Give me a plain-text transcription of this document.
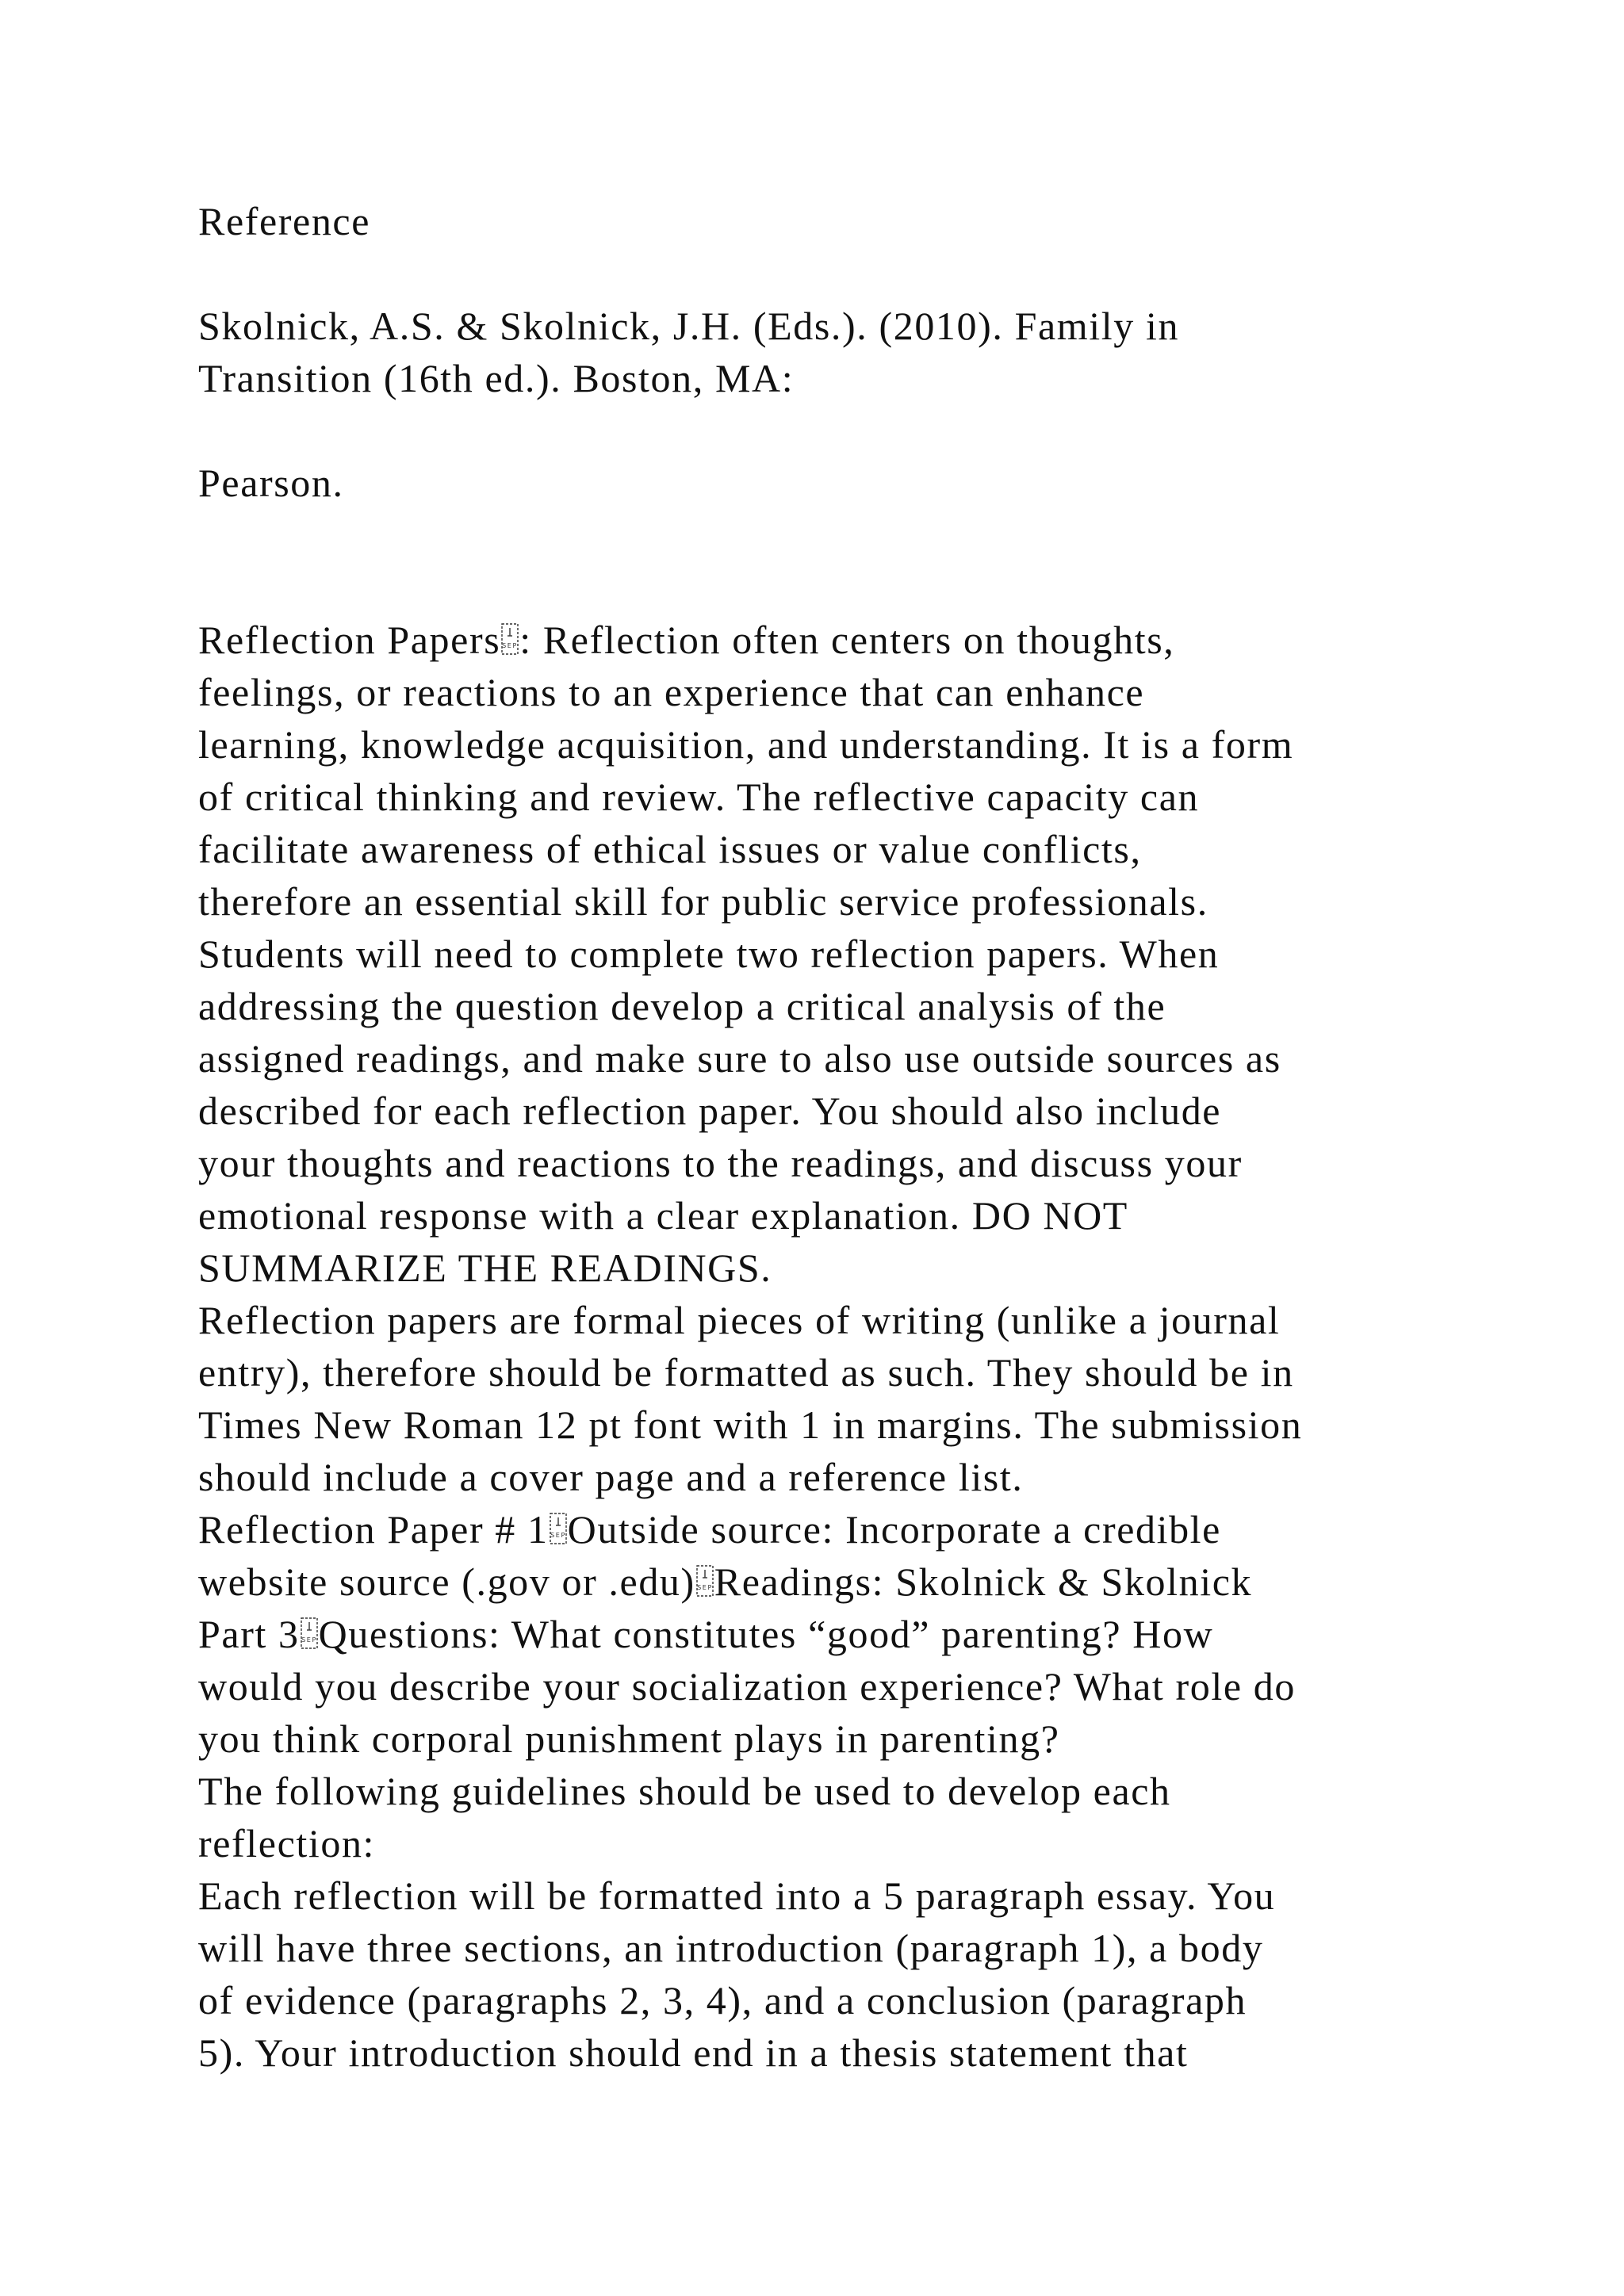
Reference
Skolnick, A.S. & Skolnick, J.H. (Eds.). (2010). Family in
Transition (16th ed.). Boston, MA:
Pearson.
Reflection Papers SEP : Reflection often centers on thoughts,
feelings, or reactions to an experience that can enhance
learning, knowledge acquisition, and understanding. It is a form
of critical thinking and review. The reflective capacity can
facilitate awareness of ethical issues or value conflicts,
therefore an essential skill for public service professionals.
Students will need to complete two reflection papers. When
addressing the question develop a critical analysis of the
assigned readings, and make sure to also use outside sources as
described for each reflection paper. You should also include
your thoughts and reactions to the readings, and discuss your
emotional response with a clear explanation. DO NOT
SUMMARIZE THE READINGS.
Reflection papers are formal pieces of writing (unlike a journal
entry), therefore should be formatted as such. They should be in
Times New Roman 12 pt font with 1 in margins. The submission
should include a cover page and a reference list.
Reflection Paper # 1 SEP Outside source: Incorporate a credible
website source (.gov or .edu) SEP Readings: Skolnick & Skolnick
Part 3 SEP Questions: What constitutes “good” parenting? How
would you describe your socialization experience? What role do
you think corporal punishment plays in parenting?
The following guidelines should be used to develop each
reflection:
Each reflection will be formatted into a 5 paragraph essay. You
will have three sections, an introduction (paragraph 1), a body
of evidence (paragraphs 2, 3, 4), and a conclusion (paragraph
5). Your introduction should end in a thesis statement that
